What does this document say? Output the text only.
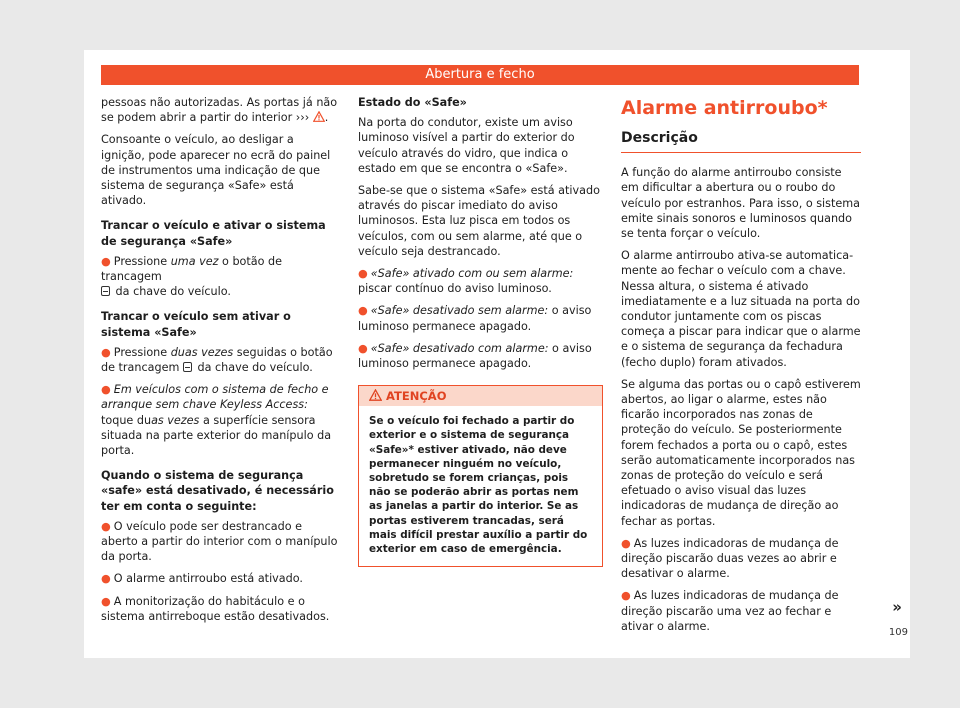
Abertura e fecho

pessoas não autorizadas. As portas já não se podem abrir a partir do interior ››› .

Consoante o veículo, ao desligar a ignição, pode aparecer no ecrã do painel de instrumentos uma indicação de que sistema de segurança «Safe» está ativado.

Trancar o veículo e ativar o sistema de segurança «Safe»

● Pressione uma vez o botão de trancagem
da chave do veículo.

Trancar o veículo sem ativar o sistema «Safe»

● Pressione duas vezes seguidas o botão de trancagem  da chave do veículo.

● Em veículos com o sistema de fecho e arranque sem chave Keyless Access: toque duas vezes a superfície sensora situada na parte exterior do manípulo da porta.

Quando o sistema de segurança «safe» está desativado, é necessário ter em conta o seguinte:

● O veículo pode ser destrancado e aberto a partir do interior com o manípulo da porta.

● O alarme antirroubo está ativado.

● A monitorização do habitáculo e o sistema antirreboque estão desativados.

Estado do «Safe»

Na porta do condutor, existe um aviso luminoso visível a partir do exterior do veículo através do vidro, que indica o estado em que se encontra o «Safe».

Sabe-se que o sistema «Safe» está ativado através do piscar imediato do aviso luminosos. Esta luz pisca em todos os veículos, com ou sem alarme, até que o veículo seja destrancado.

● «Safe» ativado com ou sem alarme: piscar contínuo do aviso luminoso.

● «Safe» desativado sem alarme: o aviso luminoso permanece apagado.

● «Safe» desativado com alarme: o aviso luminoso permanece apagado.

ATENÇÃO
Se o veículo foi fechado a partir do exterior e o sistema de segurança «Safe»* estiver ativado, não deve permanecer ninguém no veículo, sobretudo se forem crianças, pois não se poderão abrir as portas nem as janelas a partir do interior. Se as portas estiverem trancadas, será mais difícil prestar auxílio a partir do exterior em caso de emergência.
Alarme antirroubo*
Descrição

A função do alarme antirroubo consiste em dificultar a abertura ou o roubo do veículo por estranhos. Para isso, o sistema emite sinais sonoros e luminosos quando se tenta forçar o veículo.

O alarme antirroubo ativa-se automaticamente ao fechar o veículo com a chave. Nessa altura, o sistema é ativado imediatamente e a luz situada na porta do condutor juntamente com os piscas começa a piscar para indicar que o alarme e o sistema de segurança da fechadura (fecho duplo) foram ativados.

Se alguma das portas ou o capô estiverem abertos, ao ligar o alarme, estes não ficarão incorporados nas zonas de proteção do veículo. Se posteriormente forem fechados a porta ou o capô, estes serão automaticamente incorporados nas zonas de proteção do veículo e será efetuado o aviso visual das luzes indicadoras de mudança de direção ao fechar as portas.

● As luzes indicadoras de mudança de direção piscarão duas vezes ao abrir e desativar o alarme.

● As luzes indicadoras de mudança de direção piscarão uma vez ao fechar e ativar o alarme.

»
109
